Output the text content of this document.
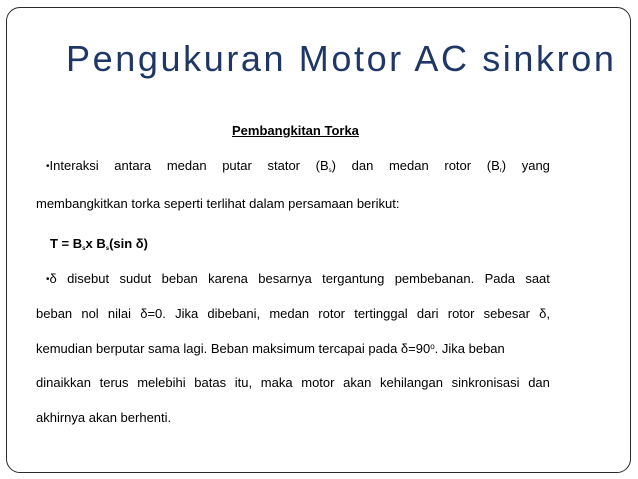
Pengukuran Motor AC sinkron
Pembangkitan Torka
•Interaksi antara medan putar stator $(B_s)$ dan medan rotor $(B_r)$ yang
membangkitkan torka seperti terlihat dalam persamaan berikut:
$T = B_sx$ $B_s(\sin$ δ)
•δ disebut sudut beban karena besarnya tergantung pembebanan. Pada saat
beban nol nilai δ=0. Jika dibebani, medan rotor tertinggal dari rotor sebesar δ,
kemudian berputar sama lagi. Beban maksimum tercapai pada $\delta=90^o$. Jika beban
dinaikkan terus melebihi batas itu, maka motor akan kehilangan sinkronisasi dan
akhirnya akan berhenti.
